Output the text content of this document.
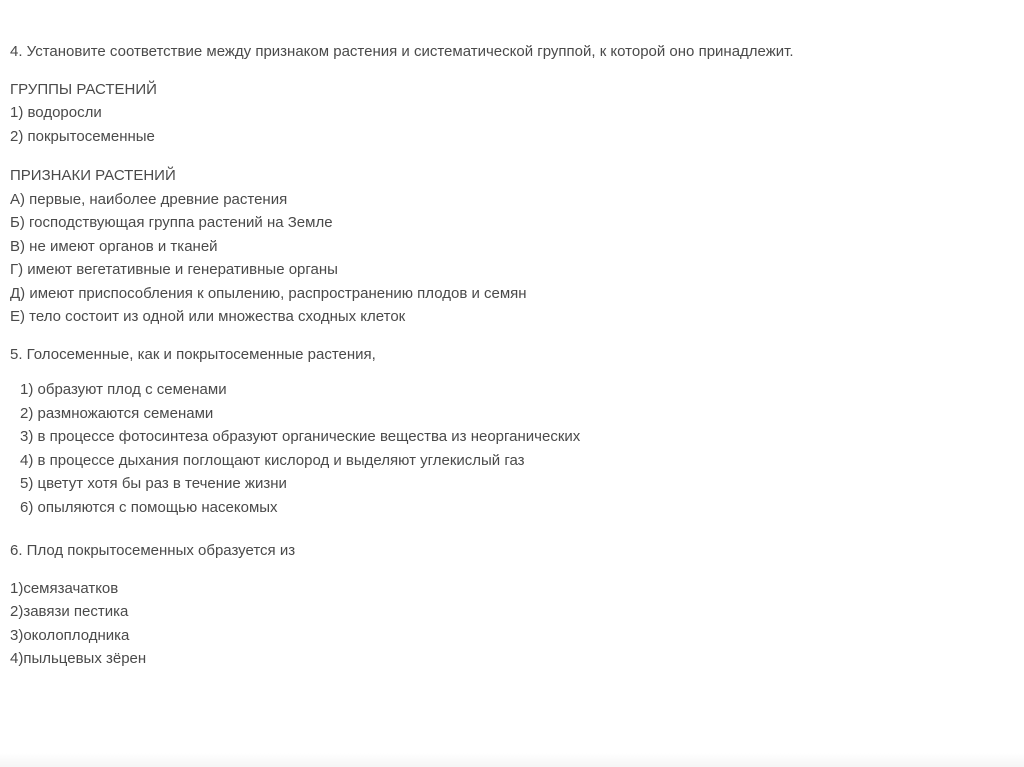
4. Установите соответствие между признаком растения и систематической группой, к которой оно принадлежит.

ГРУППЫ РАСТЕНИЙ

1) водоросли

2) покрытосеменные

ПРИЗНАКИ РАСТЕНИЙ

А) первые, наиболее древние растения

Б) господствующая группа растений на Земле

В) не имеют органов и тканей

Г) имеют вегетативные и генеративные органы

Д) имеют приспособления к опылению, распространению плодов и семян

Е) тело состоит из одной или множества сходных клеток

5. Голосеменные, как и покрытосеменные растения,

1) образуют плод с семенами

2) размножаются семенами

3) в процессе фотосинтеза образуют органические вещества из неорганических

4) в процессе дыхания поглощают кислород и выделяют углекислый газ

5) цветут хотя бы раз в течение жизни

6) опыляются с помощью насекомых

6. Плод покрытосеменных образуется из

1)семязачатков

2)завязи пестика

3)околоплодника

4)пыльцевых зёрен
